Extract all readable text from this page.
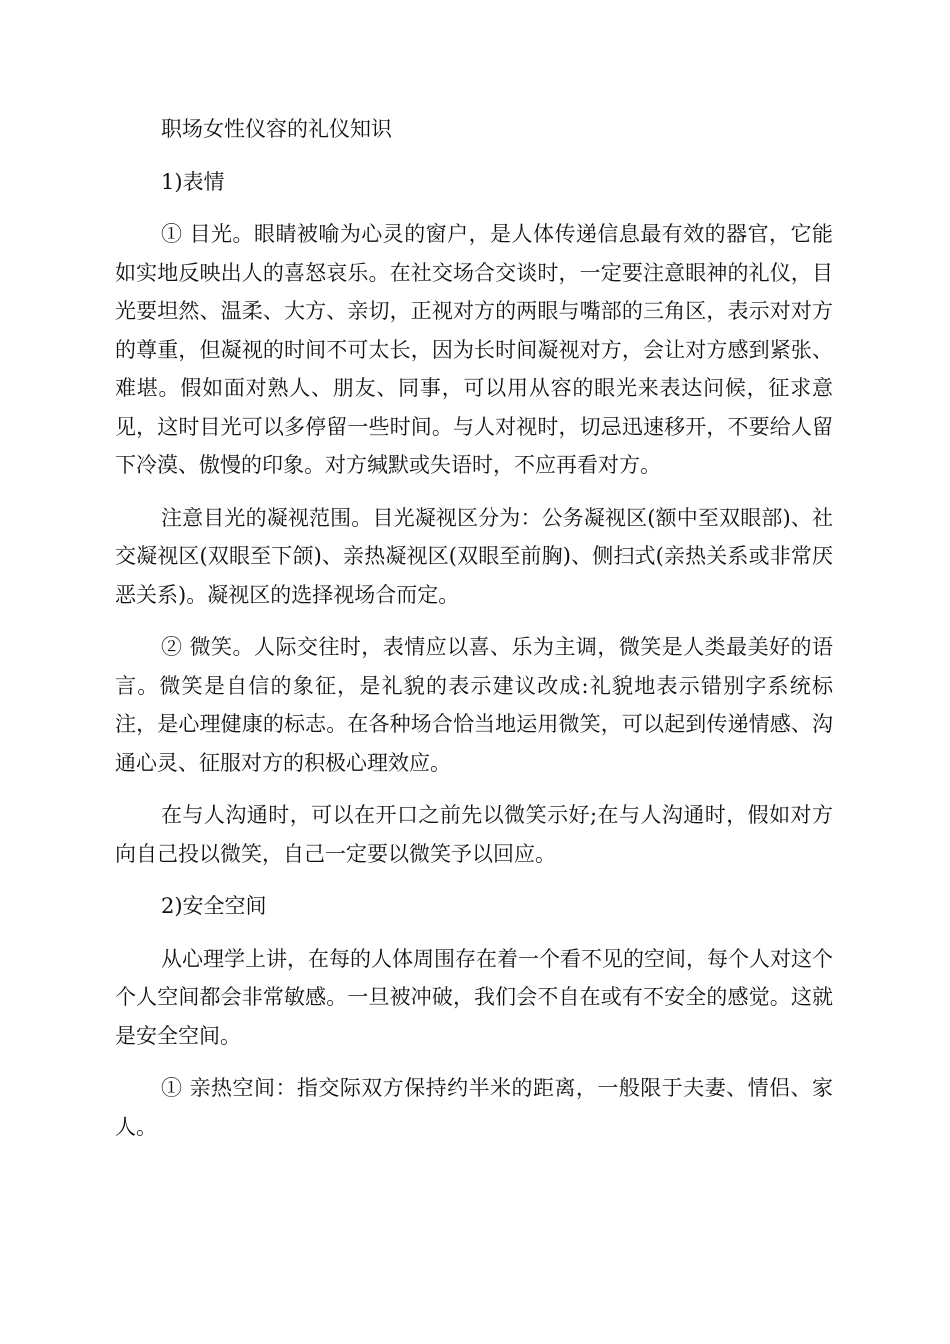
职场女性仪容的礼仪知识

1)表情

① 目光。眼睛被喻为心灵的窗户，是人体传递信息最有效的器官，它能如实地反映出人的喜怒哀乐。在社交场合交谈时，一定要注意眼神的礼仪，目光要坦然、温柔、大方、亲切，正视对方的两眼与嘴部的三角区，表示对对方的尊重，但凝视的时间不可太长，因为长时间凝视对方，会让对方感到紧张、难堪。假如面对熟人、朋友、同事，可以用从容的眼光来表达问候，征求意见，这时目光可以多停留一些时间。与人对视时，切忌迅速移开，不要给人留下冷漠、傲慢的印象。对方缄默或失语时，不应再看对方。

注意目光的凝视范围。目光凝视区分为：公务凝视区(额中至双眼部)、社交凝视区(双眼至下颌)、亲热凝视区(双眼至前胸)、侧扫式(亲热关系或非常厌恶关系)。凝视区的选择视场合而定。

② 微笑。人际交往时，表情应以喜、乐为主调，微笑是人类最美好的语言。微笑是自信的象征，是礼貌的表示建议改成:礼貌地表示错别字系统标注，是心理健康的标志。在各种场合恰当地运用微笑，可以起到传递情感、沟通心灵、征服对方的积极心理效应。

在与人沟通时，可以在开口之前先以微笑示好;在与人沟通时，假如对方向自己投以微笑，自己一定要以微笑予以回应。

2)安全空间

从心理学上讲，在每的人体周围存在着一个看不见的空间，每个人对这个个人空间都会非常敏感。一旦被冲破，我们会不自在或有不安全的感觉。这就是安全空间。

① 亲热空间：指交际双方保持约半米的距离，一般限于夫妻、情侣、家人。
